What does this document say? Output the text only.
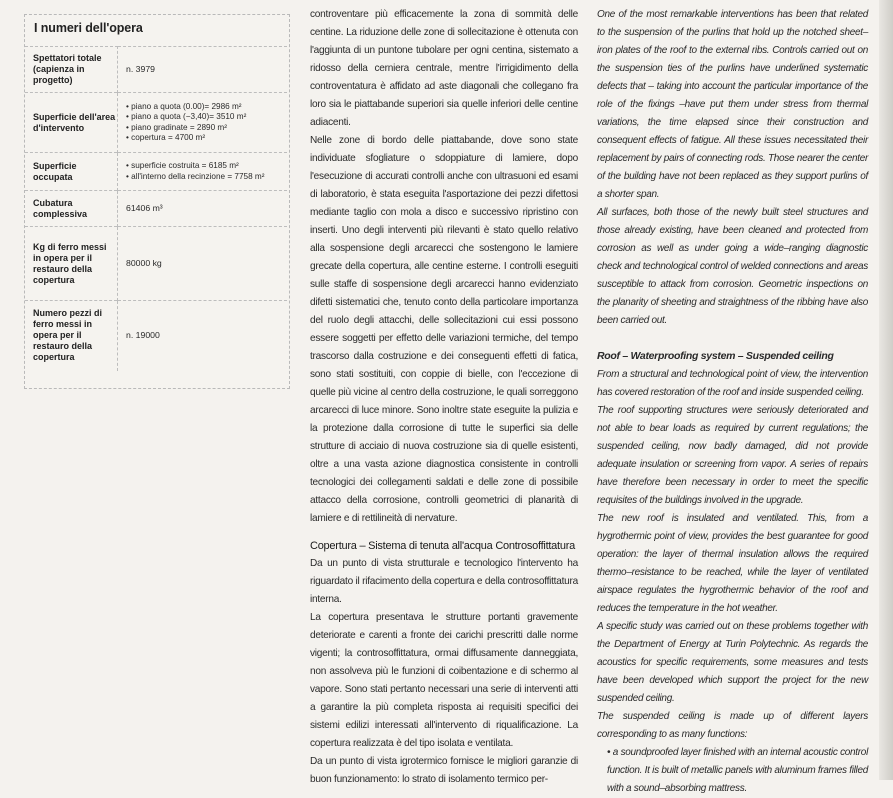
I numeri dell'opera
Spettatori totale (capienza in progetto)	n. 3979
Superficie dell'area d'intervento	• piano a quota (0.00)= 2986 m²
• piano a quota (−3,40)= 3510 m²
• piano gradinate = 2890 m²
• copertura = 4700 m²

Superficie occupata	• superficie costruita = 6185 m²
• all'interno della recinzione = 7758 m²

Cubatura complessiva	61406 m³
Kg di ferro messi in opera per il restauro della copertura	80000 kg
Numero pezzi di ferro messi in opera per il restauro della copertura	n. 19000

controventare più efficacemente la zona di sommità delle centine. La riduzione delle zone di sollecitazione è ottenuta con l'aggiunta di un puntone tubolare per ogni centina, sistemato a ridosso della cerniera centrale, mentre l'irrigidimento della controventatura è affidato ad aste diagonali che collegano fra loro sia le piattabande superiori sia quelle inferiori delle centine adiacenti.

Nelle zone di bordo delle piattabande, dove sono state individuate sfogliature o sdoppiature di lamiere, dopo l'esecuzione di accurati controlli anche con ultrasuoni ed esami di laboratorio, è stata eseguita l'asportazione dei pezzi difettosi mediante taglio con mola a disco e successivo ripristino con inserti. Uno degli interventi più rilevanti è stato quello relativo alla sospensione degli arcarecci che sostengono le lamiere grecate della copertura, alle centine esterne. I controlli eseguiti sulle staffe di sospensione degli arcarecci hanno evidenziato difetti sistematici che, tenuto conto della particolare importanza del ruolo degli attacchi, delle sollecitazioni cui essi possono essere soggetti per effetto delle variazioni termiche, del tempo trascorso dalla costruzione e dei conseguenti effetti di fatica, sono stati sostituiti, con coppie di bielle, con l'eccezione di quelle più vicine al centro della costruzione, le quali sorreggono arcarecci di luce minore. Sono inoltre state eseguite la pulizia e la protezione dalla corrosione di tutte le superfici sia delle strutture di acciaio di nuova costruzione sia di quelle esistenti, oltre a una vasta azione diagnostica consistente in controlli tecnologici dei collegamenti saldati e delle zone di possibile attacco della corrosione, controlli geometrici di planarità di lamiere e di rettilineità di nervature.

Copertura – Sistema di tenuta all'acqua Controsoffittatura

Da un punto di vista strutturale e tecnologico l'intervento ha riguardato il rifacimento della copertura e della controsoffittatura interna.

La copertura presentava le strutture portanti gravemente deteriorate e carenti a fronte dei carichi prescritti dalle norme vigenti; la controsoffittatura, ormai diffusamente danneggiata, non assolveva più le funzioni di coibentazione e di schermo al vapore. Sono stati pertanto necessari una serie di interventi atti a garantire la più completa risposta ai requisiti specifici dei sistemi edilizi interessati all'intervento di riqualificazione. La copertura realizzata è del tipo isolata e ventilata.

Da un punto di vista igrotermico fornisce le migliori garanzie di buon funzionamento: lo strato di isolamento termico per-

One of the most remarkable interventions has been that related to the suspension of the purlins that hold up the notched sheet–iron plates of the roof to the external ribs. Controls carried out on the suspension ties of the purlins have underlined systematic defects that – taking into account the particular importance of the role of the fixings –have put them under stress from thermal variations, the time elapsed since their construction and consequent effects of fatigue. All these issues necessitated their replacement by pairs of connecting rods. Those nearer the center of the building have not been replaced as they support purlins of a shorter span.

All surfaces, both those of the newly built steel structures and those already existing, have been cleaned and protected from corrosion as well as under going a wide–ranging diagnostic check and technological control of welded connections and areas susceptible to attack from corrosion. Geometric inspections on the planarity of sheeting and straightness of the ribbing have also been carried out.

Roof – Waterproofing system – Suspended ceiling

From a structural and technological point of view, the intervention has covered restoration of the roof and inside suspended ceiling.

The roof supporting structures were seriously deteriorated and not able to bear loads as required by current regulations; the suspended ceiling, now badly damaged, did not provide adequate insulation or screening from vapor. A series of repairs have therefore been necessary in order to meet the specific requisites of the buildings involved in the upgrade.

The new roof is insulated and ventilated. This, from a hygrothermic point of view, provides the best guarantee for good operation: the layer of thermal insulation allows the required thermo–resistance to be reached, while the layer of ventilated airspace regulates the hygrothermic behavior of the roof and reduces the temperature in the hot weather.

A specific study was carried out on these problems together with the Department of Energy at Turin Polytechnic. As regards the acoustics for specific requirements, some measures and tests have been developed which support the project for the new suspended ceiling.

The suspended ceiling is made up of different layers corresponding to as many functions:

• a soundproofed layer finished with an internal acoustic control function. It is built of metallic panels with aluminum frames filled with a sound–absorbing mattress.
